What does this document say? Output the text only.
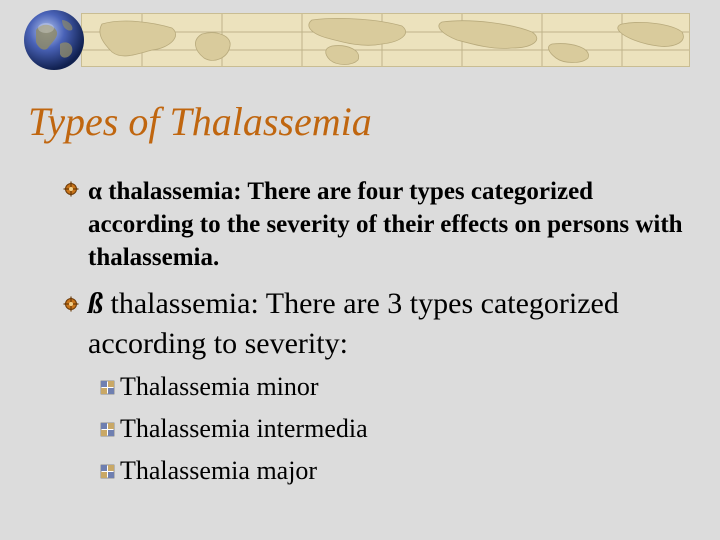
Types of Thalassemia
α thalassemia: There are four types categorized according to the severity of their effects on persons with thalassemia.
ß thalassemia: There are 3 types categorized according to severity:
Thalassemia minor
Thalassemia intermedia
Thalassemia major
